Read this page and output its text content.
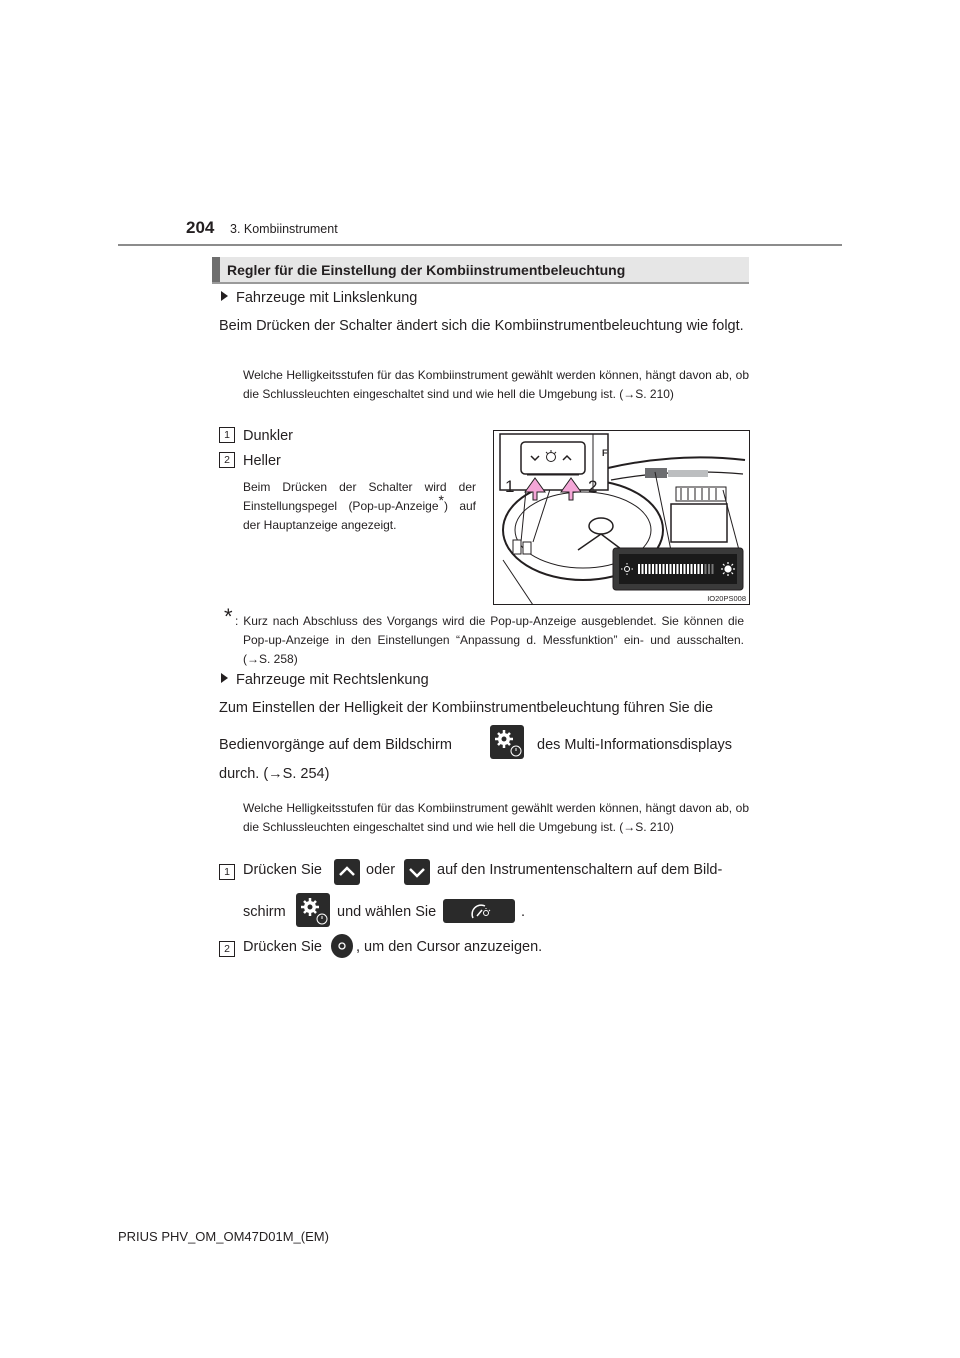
204 3. Kombiinstrument
Regler für die Einstellung der Kombiinstrumentbeleuchtung
Fahrzeuge mit Linkslenkung
Beim Drücken der Schalter ändert sich die Kombiinstrumentbeleuchtung wie folgt.
Welche Helligkeitsstufen für das Kombiinstrument gewählt werden können, hängt davon ab, ob die Schlussleuchten eingeschaltet sind und wie hell die Umgebung ist. (→S. 210)
1 Dunkler
2 Heller
Beim Drücken der Schalter wird der Einstellungspegel (Pop-up-Anzeige*) auf der Hauptanzeige angezeigt.
F
1	2
IO20PS008
* : Kurz nach Abschluss des Vorgangs wird die Pop-up-Anzeige ausgeblendet. Sie können die Pop-up-Anzeige in den Einstellungen “Anpassung d. Messfunktion” ein- und ausschalten. (→S. 258)
Fahrzeuge mit Rechtslenkung
Zum Einstellen der Helligkeit der Kombiinstrumentbeleuchtung führen Sie die
Bedienvorgänge auf dem Bildschirm	des Multi-Informationsdisplays
durch. (→S. 254)
Welche Helligkeitsstufen für das Kombiinstrument gewählt werden können, hängt davon ab, ob die Schlussleuchten eingeschaltet sind und wie hell die Umgebung ist. (→S. 210)
1 Drücken Sie	oder	auf den Instrumentenschaltern auf dem Bild-
schirm	und wählen Sie	.
2 Drücken Sie , um den Cursor anzuzeigen.
PRIUS PHV_OM_OM47D01M_(EM)
